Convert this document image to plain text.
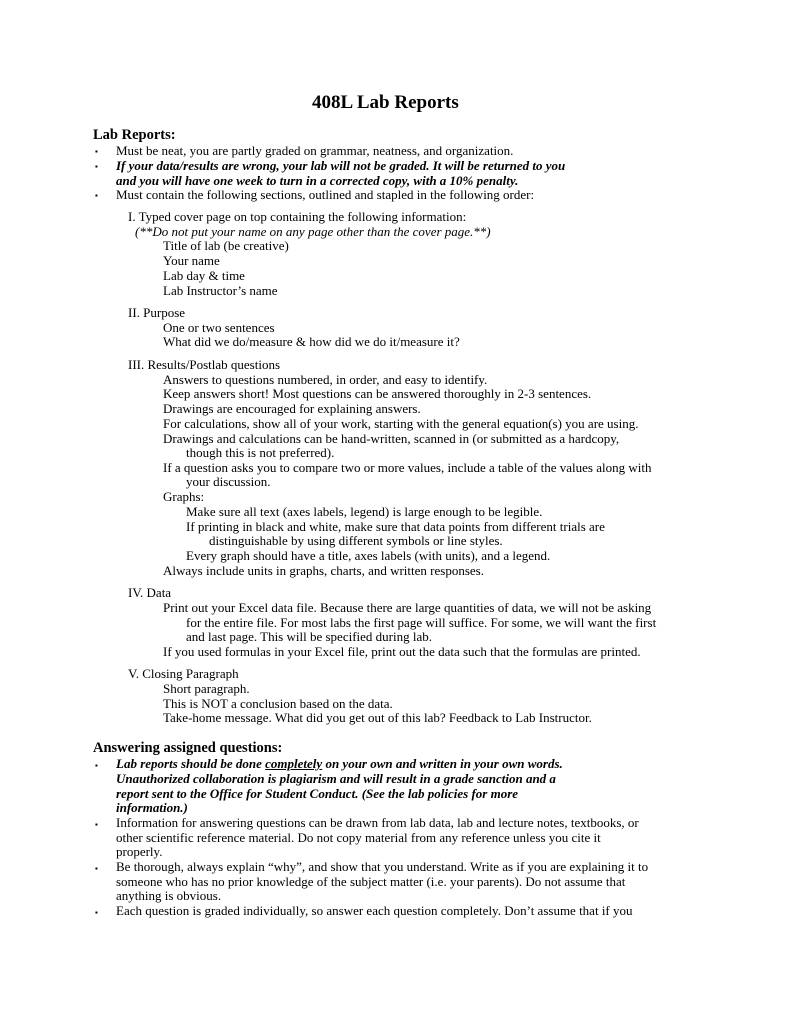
408L Lab Reports
Lab Reports:
▪ Must be neat, you are partly graded on grammar, neatness, and organization.
▪ If your data/results are wrong, your lab will not be graded. It will be returned to you
and you will have one week to turn in a corrected copy, with a 10% penalty.
▪ Must contain the following sections, outlined and stapled in the following order:
I. Typed cover page on top containing the following information:
(**Do not put your name on any page other than the cover page.**)
Title of lab (be creative)
Your name
Lab day & time
Lab Instructor’s name
II. Purpose
One or two sentences
What did we do/measure & how did we do it/measure it?
III. Results/Postlab questions
Answers to questions numbered, in order, and easy to identify.
Keep answers short! Most questions can be answered thoroughly in 2-3 sentences.
Drawings are encouraged for explaining answers.
For calculations, show all of your work, starting with the general equation(s) you are using.
Drawings and calculations can be hand-written, scanned in (or submitted as a hardcopy,
though this is not preferred).
If a question asks you to compare two or more values, include a table of the values along with
your discussion.
Graphs:
Make sure all text (axes labels, legend) is large enough to be legible.
If printing in black and white, make sure that data points from different trials are
distinguishable by using different symbols or line styles.
Every graph should have a title, axes labels (with units), and a legend.
Always include units in graphs, charts, and written responses.
IV. Data
Print out your Excel data file. Because there are large quantities of data, we will not be asking
for the entire file. For most labs the first page will suffice. For some, we will want the first
and last page. This will be specified during lab.
If you used formulas in your Excel file, print out the data such that the formulas are printed.
V. Closing Paragraph
Short paragraph.
This is NOT a conclusion based on the data.
Take-home message. What did you get out of this lab? Feedback to Lab Instructor.
Answering assigned questions:
▪ Lab reports should be done completely on your own and written in your own words.
Unauthorized collaboration is plagiarism and will result in a grade sanction and a
report sent to the Office for Student Conduct. (See the lab policies for more
information.)
▪ Information for answering questions can be drawn from lab data, lab and lecture notes, textbooks, or
other scientific reference material. Do not copy material from any reference unless you cite it
properly.
▪ Be thorough, always explain “why”, and show that you understand. Write as if you are explaining it to
someone who has no prior knowledge of the subject matter (i.e. your parents). Do not assume that
anything is obvious.
▪ Each question is graded individually, so answer each question completely. Don’t assume that if you
